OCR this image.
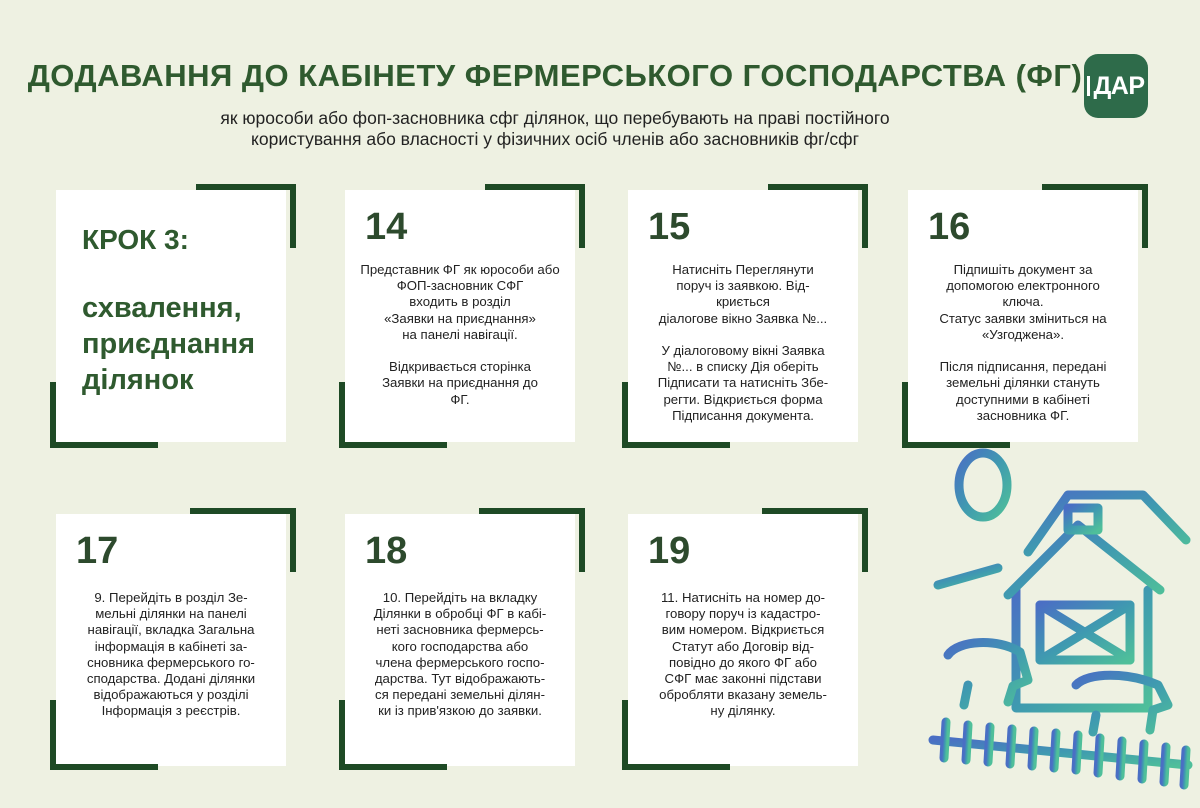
ДОДАВАННЯ ДО КАБІНЕТУ ФЕРМЕРСЬКОГО ГОСПОДАРСТВА (ФГ) ДАР
як юрособи або фоп-засновника сфг ділянок, що перебувають на праві постійного
користування або власності у фізичних осіб членів або засновників фг/сфг
КРОК 3:
схвалення,
приєднання
ділянок
14
Представник ФГ як юрособи або ФОП-засновник СФГ
входить в розділ
«Заявки на приєднання»
на панелі навігації.

Відкривається сторінка
Заявки на приєднання до
ФГ.
15
Натисніть Переглянути
поруч із заявкою. Від-
криється
діалогове вікно Заявка №...

У діалоговому вікні Заявка
№... в списку Дія оберіть
Підписати та натисніть Збе-
регти. Відкриється форма
Підписання документа.
16
Підпишіть документ за
допомогою електронного
ключа.
Статус заявки зміниться на
«Узгоджена».

Після підписання, передані
земельні ділянки стануть
доступними в кабінеті
засновника ФГ.
17
9. Перейдіть в розділ Зе-
мельні ділянки на панелі
навігації, вкладка Загальна
інформація в кабінеті за-
сновника фермерського го-
сподарства. Додані ділянки
відображаються у розділі
Інформація з реєстрів.
18
10. Перейдіть на вкладку
Ділянки в обробці ФГ в кабі-
неті засновника фермерсь-
кого господарства або
члена фермерського госпо-
дарства. Тут відображають-
ся передані земельні ділян-
ки із прив'язкою до заявки.
19
11. Натисніть на номер до-
говору поруч із кадастро-
вим номером. Відкриється
Статут або Договір від-
повідно до якого ФГ або
СФГ має законні підстави
обробляти вказану земель-
ну ділянку.
